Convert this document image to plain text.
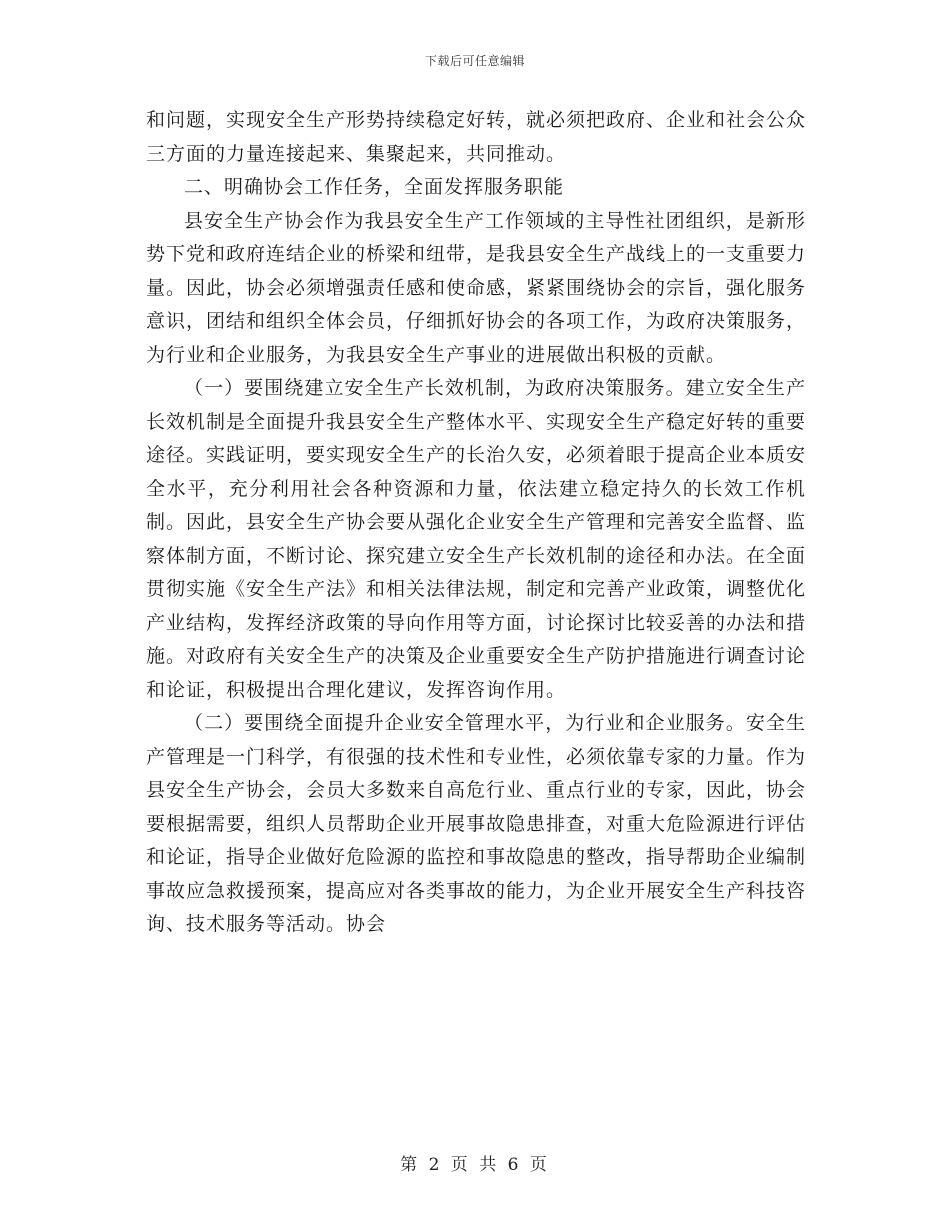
下载后可任意编辑

和问题，实现安全生产形势持续稳定好转，就必须把政府、企业和社会公众三方面的力量连接起来、集聚起来，共同推动。

二、明确协会工作任务，全面发挥服务职能

县安全生产协会作为我县安全生产工作领域的主导性社团组织，是新形势下党和政府连结企业的桥梁和纽带，是我县安全生产战线上的一支重要力量。因此，协会必须增强责任感和使命感，紧紧围绕协会的宗旨，强化服务意识，团结和组织全体会员，仔细抓好协会的各项工作，为政府决策服务，为行业和企业服务，为我县安全生产事业的进展做出积极的贡献。

（一）要围绕建立安全生产长效机制，为政府决策服务。建立安全生产长效机制是全面提升我县安全生产整体水平、实现安全生产稳定好转的重要途径。实践证明，要实现安全生产的长治久安，必须着眼于提高企业本质安全水平，充分利用社会各种资源和力量，依法建立稳定持久的长效工作机制。因此，县安全生产协会要从强化企业安全生产管理和完善安全监督、监察体制方面，不断讨论、探究建立安全生产长效机制的途径和办法。在全面贯彻实施《安全生产法》和相关法律法规，制定和完善产业政策，调整优化产业结构，发挥经济政策的导向作用等方面，讨论探讨比较妥善的办法和措施。对政府有关安全生产的决策及企业重要安全生产防护措施进行调查讨论和论证，积极提出合理化建议，发挥咨询作用。

（二）要围绕全面提升企业安全管理水平，为行业和企业服务。安全生产管理是一门科学，有很强的技术性和专业性，必须依靠专家的力量。作为县安全生产协会，会员大多数来自高危行业、重点行业的专家，因此，协会要根据需要，组织人员帮助企业开展事故隐患排查，对重大危险源进行评估和论证，指导企业做好危险源的监控和事故隐患的整改，指导帮助企业编制事故应急救援预案，提高应对各类事故的能力，为企业开展安全生产科技咨询、技术服务等活动。协会

第 2 页 共 6 页
